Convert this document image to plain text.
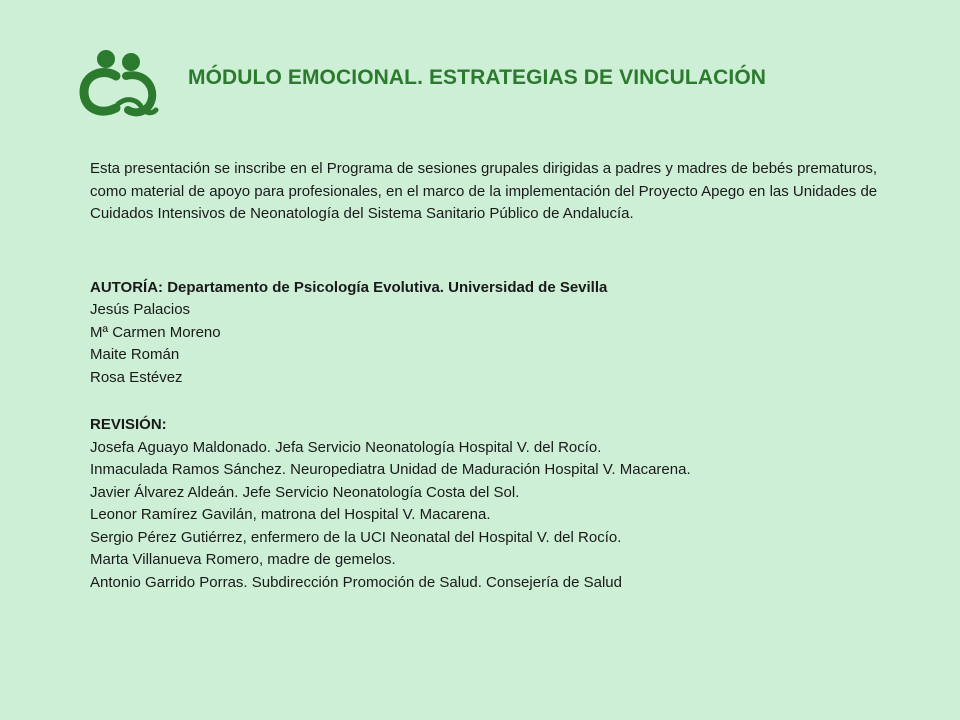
MÓDULO EMOCIONAL. ESTRATEGIAS DE VINCULACIÓN

Esta presentación se inscribe en el Programa de sesiones grupales dirigidas a padres y madres de bebés prematuros, como material de apoyo para profesionales, en el marco de la implementación del Proyecto Apego en las Unidades de Cuidados Intensivos de Neonatología del Sistema Sanitario Público de Andalucía.

AUTORÍA: Departamento de Psicología Evolutiva. Universidad de Sevilla
Jesús Palacios
Mª Carmen Moreno
Maite Román
Rosa Estévez
REVISIÓN:
Josefa Aguayo Maldonado. Jefa Servicio Neonatología Hospital V. del Rocío.
Inmaculada Ramos Sánchez. Neuropediatra Unidad de Maduración Hospital V. Macarena.
Javier Álvarez Aldeán. Jefe Servicio Neonatología Costa del Sol.
Leonor Ramírez Gavilán, matrona del Hospital V. Macarena.
Sergio Pérez Gutiérrez, enfermero de la UCI Neonatal del Hospital V. del Rocío.
Marta Villanueva Romero, madre de gemelos.
Antonio Garrido Porras. Subdirección Promoción de Salud. Consejería de Salud
